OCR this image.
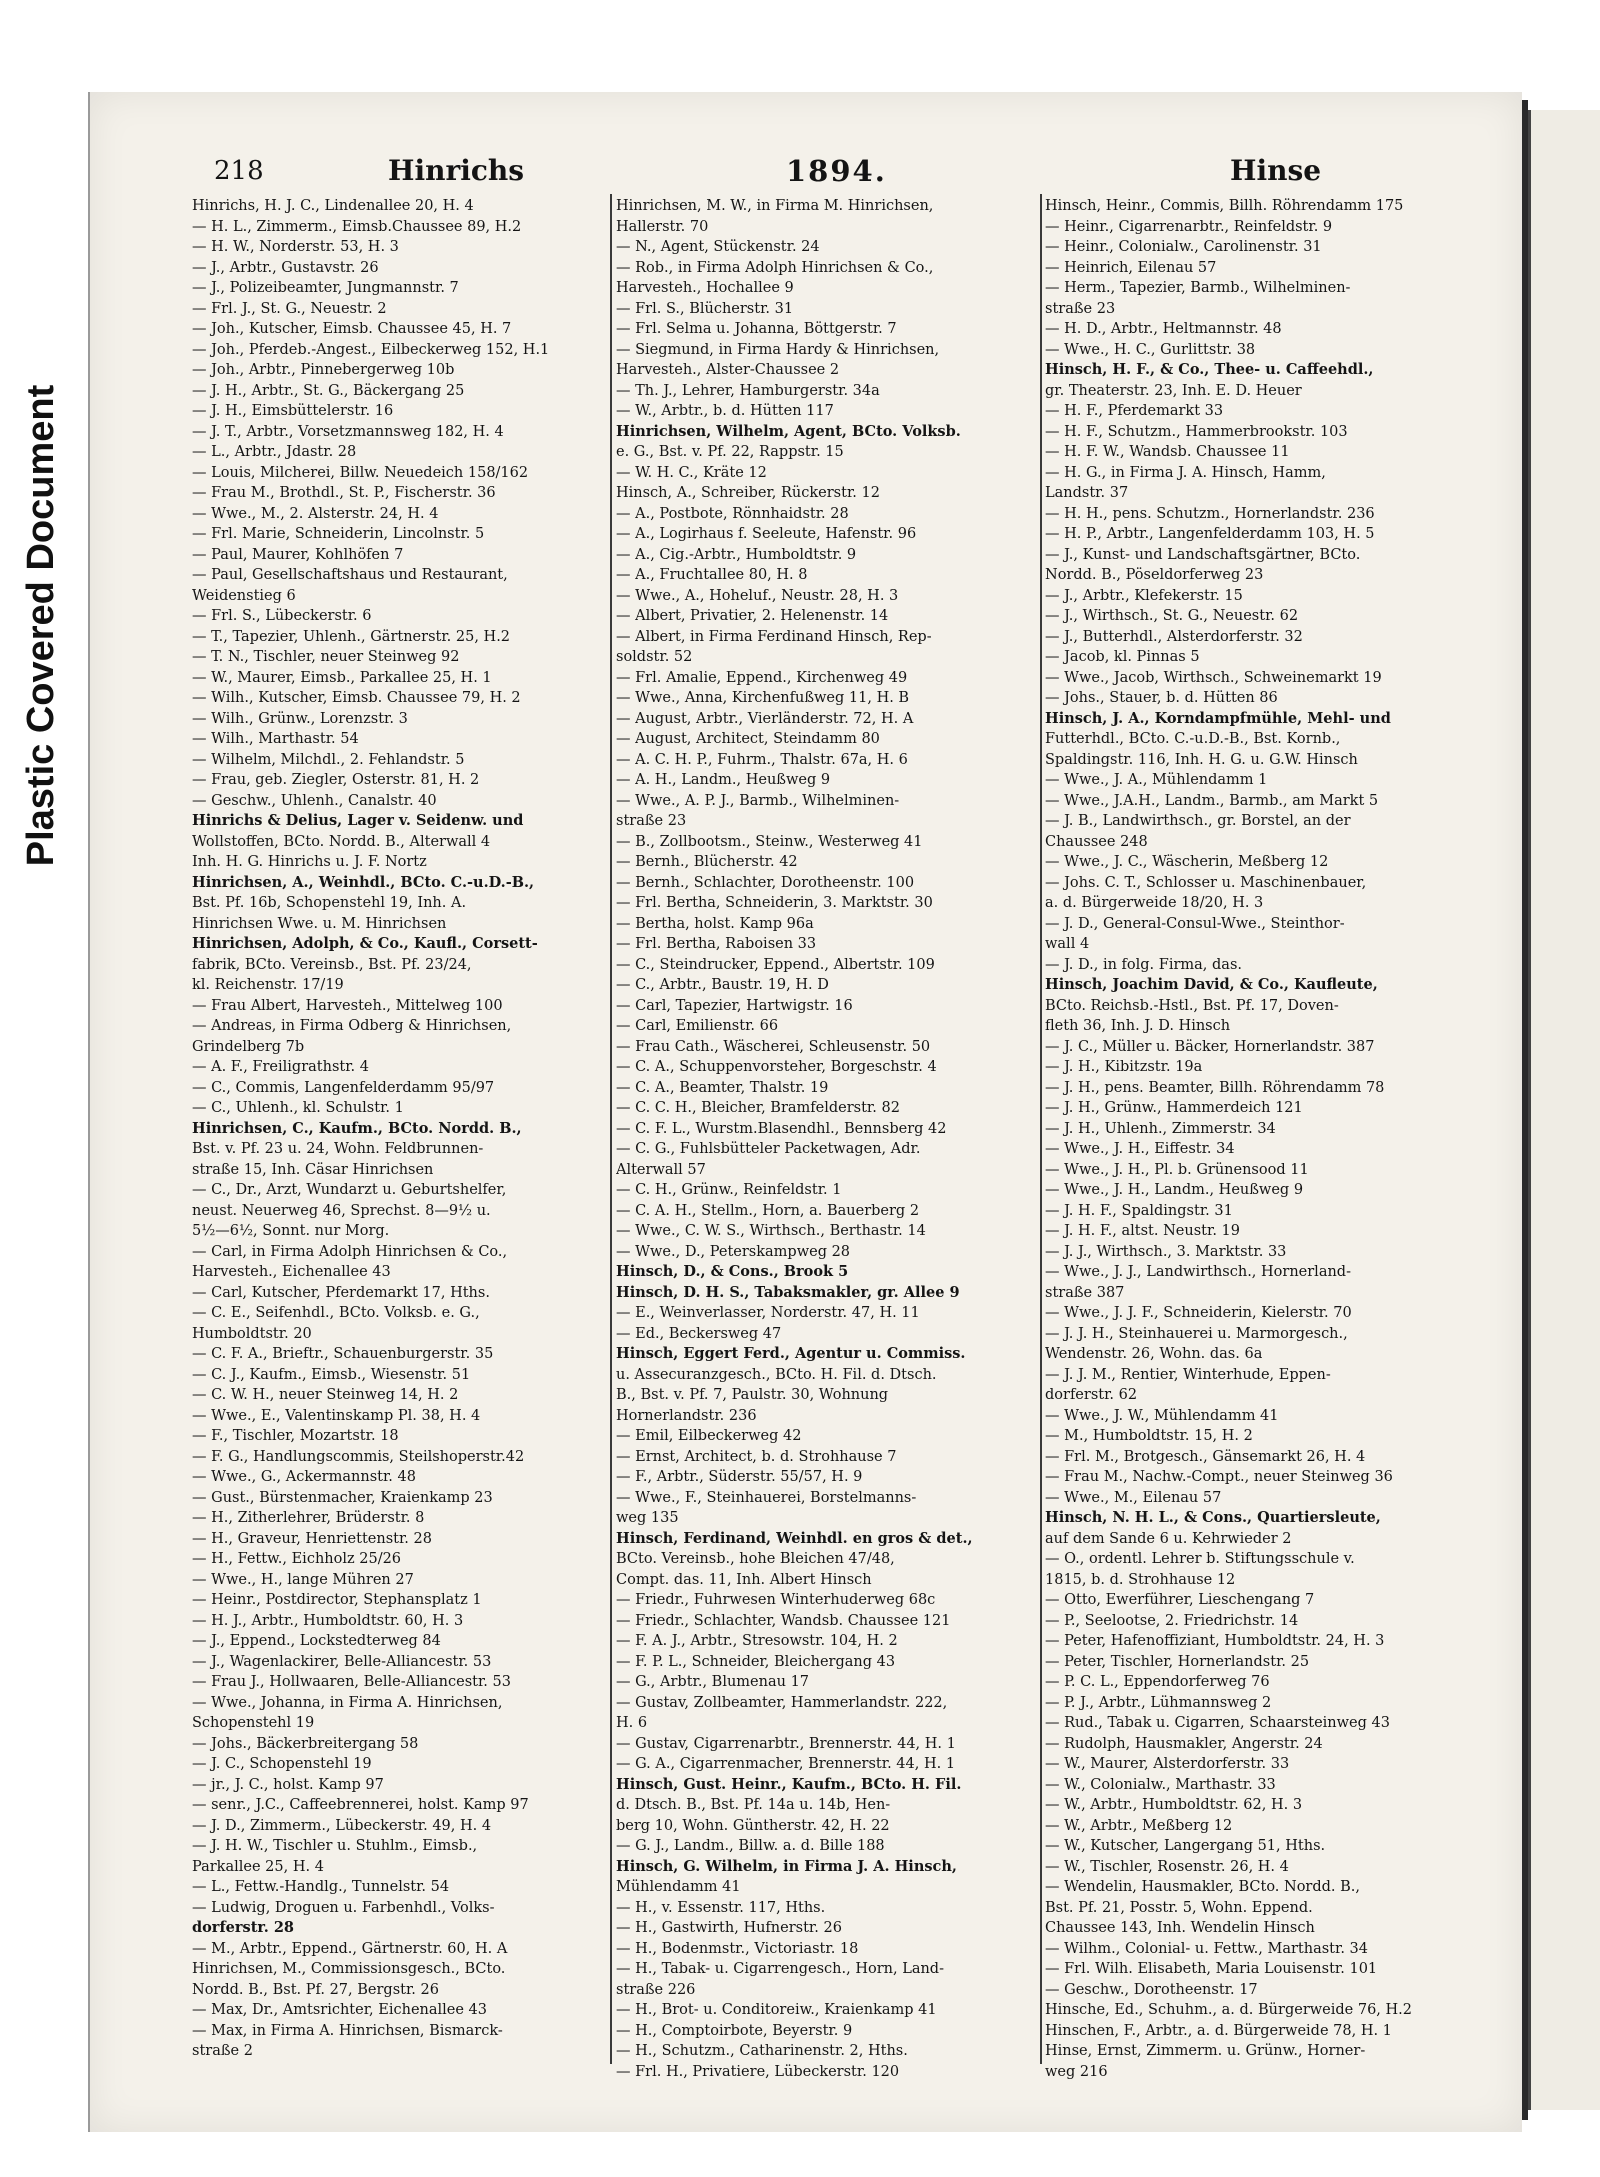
Plastic Covered Document
218	Hinrichs	1894.	Hinse
Hinrichs, H. J. C., Lindenallee 20, H. 4
— H. L., Zimmerm., Eimsb.Chaussee 89, H.2
— H. W., Norderstr. 53, H. 3
— J., Arbtr., Gustavstr. 26
— J., Polizeibeamter, Jungmannstr. 7
— Frl. J., St. G., Neuestr. 2
— Joh., Kutscher, Eimsb. Chaussee 45, H. 7
— Joh., Pferdeb.-Angest., Eilbeckerweg 152, H.1
— Joh., Arbtr., Pinnebergerweg 10b
— J. H., Arbtr., St. G., Bäckergang 25
— J. H., Eimsbüttelerstr. 16
— J. T., Arbtr., Vorsetzmannsweg 182, H. 4
— L., Arbtr., Jdastr. 28
— Louis, Milcherei, Billw. Neuedeich 158/162
— Frau M., Brothdl., St. P., Fischerstr. 36
— Wwe., M., 2. Alsterstr. 24, H. 4
— Frl. Marie, Schneiderin, Lincolnstr. 5
— Paul, Maurer, Kohlhöfen 7
— Paul, Gesellschaftshaus und Restaurant,
Weidenstieg 6
— Frl. S., Lübeckerstr. 6
— T., Tapezier, Uhlenh., Gärtnerstr. 25, H.2
— T. N., Tischler, neuer Steinweg 92
— W., Maurer, Eimsb., Parkallee 25, H. 1
— Wilh., Kutscher, Eimsb. Chaussee 79, H. 2
— Wilh., Grünw., Lorenzstr. 3
— Wilh., Marthastr. 54
— Wilhelm, Milchdl., 2. Fehlandstr. 5
— Frau, geb. Ziegler, Osterstr. 81, H. 2
— Geschw., Uhlenh., Canalstr. 40
Hinrichs & Delius, Lager v. Seidenw. und
Wollstoffen, BCto. Nordd. B., Alterwall 4
Inh. H. G. Hinrichs u. J. F. Nortz
Hinrichsen, A., Weinhdl., BCto. C.-u.D.-B.,
Bst. Pf. 16b, Schopenstehl 19, Inh. A.
Hinrichsen Wwe. u. M. Hinrichsen
Hinrichsen, Adolph, & Co., Kaufl., Corsett-
fabrik, BCto. Vereinsb., Bst. Pf. 23/24,
kl. Reichenstr. 17/19
— Frau Albert, Harvesteh., Mittelweg 100
— Andreas, in Firma Odberg & Hinrichsen,
Grindelberg 7b
— A. F., Freiligrathstr. 4
— C., Commis, Langenfelderdamm 95/97
— C., Uhlenh., kl. Schulstr. 1
Hinrichsen, C., Kaufm., BCto. Nordd. B.,
Bst. v. Pf. 23 u. 24, Wohn. Feldbrunnen-
straße 15, Inh. Cäsar Hinrichsen
— C., Dr., Arzt, Wundarzt u. Geburtshelfer,
neust. Neuerweg 46, Sprechst. 8—9½ u.
5½—6½, Sonnt. nur Morg.
— Carl, in Firma Adolph Hinrichsen & Co.,
Harvesteh., Eichenallee 43
— Carl, Kutscher, Pferdemarkt 17, Hths.
— C. E., Seifenhdl., BCto. Volksb. e. G.,
Humboldtstr. 20
— C. F. A., Brieftr., Schauenburgerstr. 35
— C. J., Kaufm., Eimsb., Wiesenstr. 51
— C. W. H., neuer Steinweg 14, H. 2
— Wwe., E., Valentinskamp Pl. 38, H. 4
— F., Tischler, Mozartstr. 18
— F. G., Handlungscommis, Steilshoperstr.42
— Wwe., G., Ackermannstr. 48
— Gust., Bürstenmacher, Kraienkamp 23
— H., Zitherlehrer, Brüderstr. 8
— H., Graveur, Henriettenstr. 28
— H., Fettw., Eichholz 25/26
— Wwe., H., lange Mühren 27
— Heinr., Postdirector, Stephansplatz 1
— H. J., Arbtr., Humboldtstr. 60, H. 3
— J., Eppend., Lockstedterweg 84
— J., Wagenlackirer, Belle-Alliancestr. 53
— Frau J., Hollwaaren, Belle-Alliancestr. 53
— Wwe., Johanna, in Firma A. Hinrichsen,
Schopenstehl 19
— Johs., Bäckerbreitergang 58
— J. C., Schopenstehl 19
— jr., J. C., holst. Kamp 97
— senr., J.C., Caffeebrennerei, holst. Kamp 97
— J. D., Zimmerm., Lübeckerstr. 49, H. 4
— J. H. W., Tischler u. Stuhlm., Eimsb.,
Parkallee 25, H. 4
— L., Fettw.-Handlg., Tunnelstr. 54
— Ludwig, Droguen u. Farbenhdl., Volks-
dorferstr. 28
— M., Arbtr., Eppend., Gärtnerstr. 60, H. A
Hinrichsen, M., Commissionsgesch., BCto.
Nordd. B., Bst. Pf. 27, Bergstr. 26
— Max, Dr., Amtsrichter, Eichenallee 43
— Max, in Firma A. Hinrichsen, Bismarck-
straße 2
Hinrichsen, M. W., in Firma M. Hinrichsen,
Hallerstr. 70
— N., Agent, Stückenstr. 24
— Rob., in Firma Adolph Hinrichsen & Co.,
Harvesteh., Hochallee 9
— Frl. S., Blücherstr. 31
— Frl. Selma u. Johanna, Böttgerstr. 7
— Siegmund, in Firma Hardy & Hinrichsen,
Harvesteh., Alster-Chaussee 2
— Th. J., Lehrer, Hamburgerstr. 34a
— W., Arbtr., b. d. Hütten 117
Hinrichsen, Wilhelm, Agent, BCto. Volksb.
e. G., Bst. v. Pf. 22, Rappstr. 15
— W. H. C., Kräte 12
Hinsch, A., Schreiber, Rückerstr. 12
— A., Postbote, Rönnhaidstr. 28
— A., Logirhaus f. Seeleute, Hafenstr. 96
— A., Cig.-Arbtr., Humboldtstr. 9
— A., Fruchtallee 80, H. 8
— Wwe., A., Hoheluf., Neustr. 28, H. 3
— Albert, Privatier, 2. Helenenstr. 14
— Albert, in Firma Ferdinand Hinsch, Rep-
soldstr. 52
— Frl. Amalie, Eppend., Kirchenweg 49
— Wwe., Anna, Kirchenfußweg 11, H. B
— August, Arbtr., Vierländerstr. 72, H. A
— August, Architect, Steindamm 80
— A. C. H. P., Fuhrm., Thalstr. 67a, H. 6
— A. H., Landm., Heußweg 9
— Wwe., A. P. J., Barmb., Wilhelminen-
straße 23
— B., Zollbootsm., Steinw., Westerweg 41
— Bernh., Blücherstr. 42
— Bernh., Schlachter, Dorotheenstr. 100
— Frl. Bertha, Schneiderin, 3. Marktstr. 30
— Bertha, holst. Kamp 96a
— Frl. Bertha, Raboisen 33
— C., Steindrucker, Eppend., Albertstr. 109
— C., Arbtr., Baustr. 19, H. D
— Carl, Tapezier, Hartwigstr. 16
— Carl, Emilienstr. 66
— Frau Cath., Wäscherei, Schleusenstr. 50
— C. A., Schuppenvorsteher, Borgeschstr. 4
— C. A., Beamter, Thalstr. 19
— C. C. H., Bleicher, Bramfelderstr. 82
— C. F. L., Wurstm.Blasendhl., Bennsberg 42
— C. G., Fuhlsbütteler Packetwagen, Adr.
Alterwall 57
— C. H., Grünw., Reinfeldstr. 1
— C. A. H., Stellm., Horn, a. Bauerberg 2
— Wwe., C. W. S., Wirthsch., Berthastr. 14
— Wwe., D., Peterskampweg 28
Hinsch, D., & Cons., Brook 5
Hinsch, D. H. S., Tabaksmakler, gr. Allee 9
— E., Weinverlasser, Norderstr. 47, H. 11
— Ed., Beckersweg 47
Hinsch, Eggert Ferd., Agentur u. Commiss.
u. Assecuranzgesch., BCto. H. Fil. d. Dtsch.
B., Bst. v. Pf. 7, Paulstr. 30, Wohnung
Hornerlandstr. 236
— Emil, Eilbeckerweg 42
— Ernst, Architect, b. d. Strohhause 7
— F., Arbtr., Süderstr. 55/57, H. 9
— Wwe., F., Steinhauerei, Borstelmanns-
weg 135
Hinsch, Ferdinand, Weinhdl. en gros & det.,
BCto. Vereinsb., hohe Bleichen 47/48,
Compt. das. 11, Inh. Albert Hinsch
— Friedr., Fuhrwesen Winterhuderweg 68c
— Friedr., Schlachter, Wandsb. Chaussee 121
— F. A. J., Arbtr., Stresowstr. 104, H. 2
— F. P. L., Schneider, Bleichergang 43
— G., Arbtr., Blumenau 17
— Gustav, Zollbeamter, Hammerlandstr. 222,
H. 6
— Gustav, Cigarrenarbtr., Brennerstr. 44, H. 1
— G. A., Cigarrenmacher, Brennerstr. 44, H. 1
Hinsch, Gust. Heinr., Kaufm., BCto. H. Fil.
d. Dtsch. B., Bst. Pf. 14a u. 14b, Hen-
berg 10, Wohn. Güntherstr. 42, H. 22
— G. J., Landm., Billw. a. d. Bille 188
Hinsch, G. Wilhelm, in Firma J. A. Hinsch,
Mühlendamm 41
— H., v. Essenstr. 117, Hths.
— H., Gastwirth, Hufnerstr. 26
— H., Bodenmstr., Victoriastr. 18
— H., Tabak- u. Cigarrengesch., Horn, Land-
straße 226
— H., Brot- u. Conditoreiw., Kraienkamp 41
— H., Comptoirbote, Beyerstr. 9
— H., Schutzm., Catharinenstr. 2, Hths.
— Frl. H., Privatiere, Lübeckerstr. 120
Hinsch, Heinr., Commis, Billh. Röhrendamm 175
— Heinr., Cigarrenarbtr., Reinfeldstr. 9
— Heinr., Colonialw., Carolinenstr. 31
— Heinrich, Eilenau 57
— Herm., Tapezier, Barmb., Wilhelminen-
straße 23
— H. D., Arbtr., Heltmannstr. 48
— Wwe., H. C., Gurlittstr. 38
Hinsch, H. F., & Co., Thee- u. Caffeehdl.,
gr. Theaterstr. 23, Inh. E. D. Heuer
— H. F., Pferdemarkt 33
— H. F., Schutzm., Hammerbrookstr. 103
— H. F. W., Wandsb. Chaussee 11
— H. G., in Firma J. A. Hinsch, Hamm,
Landstr. 37
— H. H., pens. Schutzm., Hornerlandstr. 236
— H. P., Arbtr., Langenfelderdamm 103, H. 5
— J., Kunst- und Landschaftsgärtner, BCto.
Nordd. B., Pöseldorferweg 23
— J., Arbtr., Klefekerstr. 15
— J., Wirthsch., St. G., Neuestr. 62
— J., Butterhdl., Alsterdorferstr. 32
— Jacob, kl. Pinnas 5
— Wwe., Jacob, Wirthsch., Schweinemarkt 19
— Johs., Stauer, b. d. Hütten 86
Hinsch, J. A., Korndampfmühle, Mehl- und
Futterhdl., BCto. C.-u.D.-B., Bst. Kornb.,
Spaldingstr. 116, Inh. H. G. u. G.W. Hinsch
— Wwe., J. A., Mühlendamm 1
— Wwe., J.A.H., Landm., Barmb., am Markt 5
— J. B., Landwirthsch., gr. Borstel, an der
Chaussee 248
— Wwe., J. C., Wäscherin, Meßberg 12
— Johs. C. T., Schlosser u. Maschinenbauer,
a. d. Bürgerweide 18/20, H. 3
— J. D., General-Consul-Wwe., Steinthor-
wall 4
— J. D., in folg. Firma, das.
Hinsch, Joachim David, & Co., Kaufleute,
BCto. Reichsb.-Hstl., Bst. Pf. 17, Doven-
fleth 36, Inh. J. D. Hinsch
— J. C., Müller u. Bäcker, Hornerlandstr. 387
— J. H., Kibitzstr. 19a
— J. H., pens. Beamter, Billh. Röhrendamm 78
— J. H., Grünw., Hammerdeich 121
— J. H., Uhlenh., Zimmerstr. 34
— Wwe., J. H., Eiffestr. 34
— Wwe., J. H., Pl. b. Grünensood 11
— Wwe., J. H., Landm., Heußweg 9
— J. H. F., Spaldingstr. 31
— J. H. F., altst. Neustr. 19
— J. J., Wirthsch., 3. Marktstr. 33
— Wwe., J. J., Landwirthsch., Hornerland-
straße 387
— Wwe., J. J. F., Schneiderin, Kielerstr. 70
— J. J. H., Steinhauerei u. Marmorgesch.,
Wendenstr. 26, Wohn. das. 6a
— J. J. M., Rentier, Winterhude, Eppen-
dorferstr. 62
— Wwe., J. W., Mühlendamm 41
— M., Humboldtstr. 15, H. 2
— Frl. M., Brotgesch., Gänsemarkt 26, H. 4
— Frau M., Nachw.-Compt., neuer Steinweg 36
— Wwe., M., Eilenau 57
Hinsch, N. H. L., & Cons., Quartiersleute,
auf dem Sande 6 u. Kehrwieder 2
— O., ordentl. Lehrer b. Stiftungsschule v.
1815, b. d. Strohhause 12
— Otto, Ewerführer, Lieschengang 7
— P., Seelootse, 2. Friedrichstr. 14
— Peter, Hafenoffiziant, Humboldtstr. 24, H. 3
— Peter, Tischler, Hornerlandstr. 25
— P. C. L., Eppendorferweg 76
— P. J., Arbtr., Lühmannsweg 2
— Rud., Tabak u. Cigarren, Schaarsteinweg 43
— Rudolph, Hausmakler, Angerstr. 24
— W., Maurer, Alsterdorferstr. 33
— W., Colonialw., Marthastr. 33
— W., Arbtr., Humboldtstr. 62, H. 3
— W., Arbtr., Meßberg 12
— W., Kutscher, Langergang 51, Hths.
— W., Tischler, Rosenstr. 26, H. 4
— Wendelin, Hausmakler, BCto. Nordd. B.,
Bst. Pf. 21, Posstr. 5, Wohn. Eppend.
Chaussee 143, Inh. Wendelin Hinsch
— Wilhm., Colonial- u. Fettw., Marthastr. 34
— Frl. Wilh. Elisabeth, Maria Louisenstr. 101
— Geschw., Dorotheenstr. 17
Hinsche, Ed., Schuhm., a. d. Bürgerweide 76, H.2
Hinschen, F., Arbtr., a. d. Bürgerweide 78, H. 1
Hinse, Ernst, Zimmerm. u. Grünw., Horner-
weg 216
